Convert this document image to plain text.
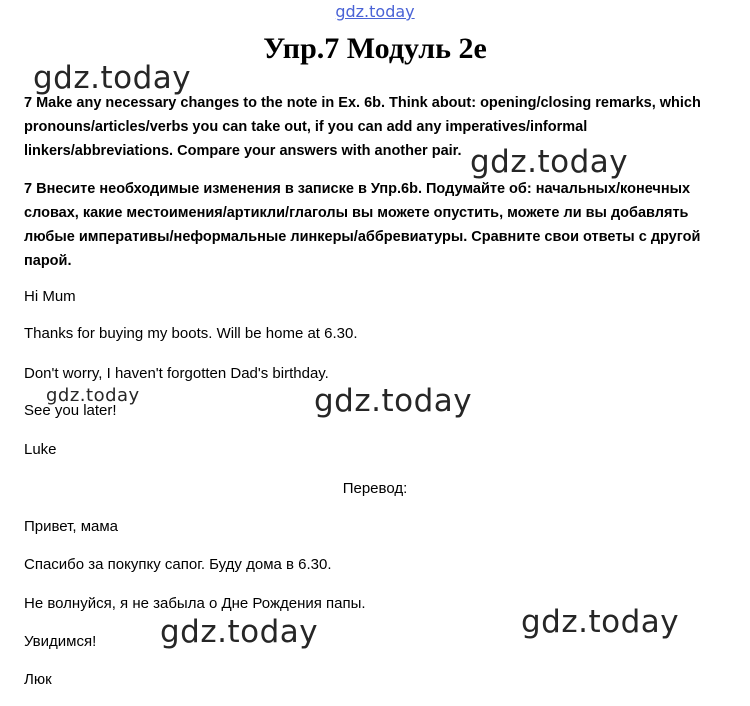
gdz.today
Упр.7 Модуль 2е
gdz.today
7 Make any necessary changes to the note in Ex. 6b. Think about: opening/closing remarks, which pronouns/articles/verbs you can take out, if you can add any imperatives/informal linkers/abbreviations. Compare your answers with another pair. gdz.today
7 Внесите необходимые изменения в записке в Упр.6b. Подумайте об: начальных/конечных словах, какие местоимения/артикли/глаголы вы можете опустить, можете ли вы добавлять любые императивы/неформальные линкеры/аббревиатуры. Сравните свои ответы с другой парой.
Hi Mum
Thanks for buying my boots. Will be home at 6.30.
Don't worry, I haven't forgotten Dad's birthday.
gdz.today	gdz.today
See you later!
Luke
Перевод:
Привет, мама
Спасибо за покупку сапог. Буду дома в 6.30.
Не волнуйся, я не забыла о Дне Рождения папы.
gdz.today
gdz.today
Увидимся!
Люк
